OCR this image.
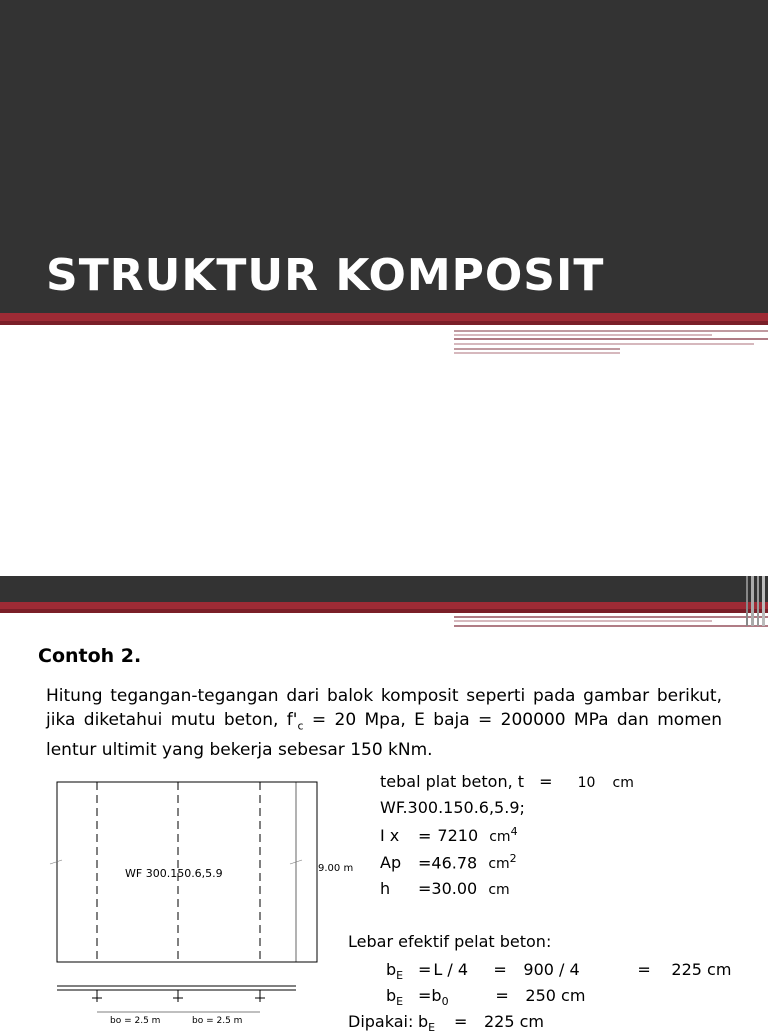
STRUKTUR KOMPOSIT
Contoh 2.

Hitung tegangan-tegangan dari balok komposit seperti pada gambar berikut, jika diketahui mutu beton, $f'_c = 20$ Mpa, E baja = 200000 MPa dan momen lentur ultimit yang bekerja sebesar 150 kNm.

WF 300.150.6,5.9	9.00 m
bo = 2.5 m	bo = 2.5 m
tebal plat beton, t = 10 cm
WF.300.150.6,5.9;
I x = 7210 $cm^4$
Ap =46.78 $cm^2$
h =30.00 cm
Lebar efektif pelat beton:
$b_E = L / 4 = 900 / 4$	= 225 cm
$b_E =b_0$	= 250 cm
Dipakai: $b_E = 225$ cm
